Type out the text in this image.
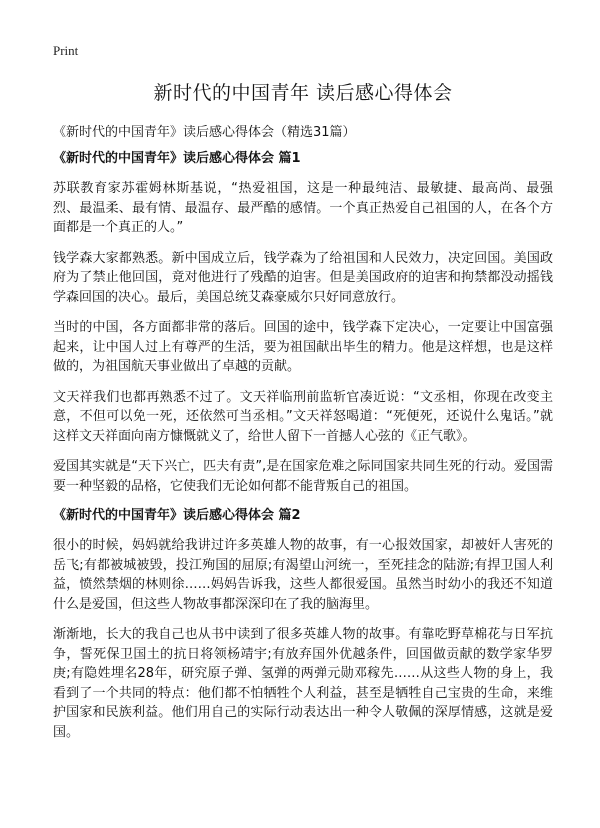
Print
新时代的中国青年 读后感心得体会

《新时代的中国青年》读后感心得体会（精选31篇）

《新时代的中国青年》读后感心得体会 篇1

苏联教育家苏霍姆林斯基说，“热爱祖国，这是一种最纯洁、最敏捷、最高尚、最强烈、最温柔、最有情、最温存、最严酷的感情。一个真正热爱自己祖国的人，在各个方面都是一个真正的人。”

钱学森大家都熟悉。新中国成立后，钱学森为了给祖国和人民效力，决定回国。美国政府为了禁止他回国，竟对他进行了残酷的迫害。但是美国政府的迫害和拘禁都没动摇钱学森回国的决心。最后，美国总统艾森豪威尔只好同意放行。

当时的中国，各方面都非常的落后。回国的途中，钱学森下定决心，一定要让中国富强起来，让中国人过上有尊严的生活，要为祖国献出毕生的精力。他是这样想，也是这样做的，为祖国航天事业做出了卓越的贡献。

文天祥我们也都再熟悉不过了。文天祥临刑前监斩官凑近说：“文丞相，你现在改变主意，不但可以免一死，还依然可当丞相。”文天祥怒喝道：“死便死，还说什么鬼话。”就这样文天祥面向南方慷慨就义了，给世人留下一首撼人心弦的《正气歌》。

爱国其实就是“天下兴亡，匹夫有责”,是在国家危难之际同国家共同生死的行动。爱国需要一种坚毅的品格，它使我们无论如何都不能背叛自己的祖国。

《新时代的中国青年》读后感心得体会 篇2

很小的时候，妈妈就给我讲过许多英雄人物的故事，有一心报效国家，却被奸人害死的岳飞;有都被城被毁，投江殉国的屈原;有渴望山河统一，至死挂念的陆游;有捍卫国人利益，愤然禁烟的林则徐……妈妈告诉我，这些人都很爱国。虽然当时幼小的我还不知道什么是爱国，但这些人物故事都深深印在了我的脑海里。

渐渐地，长大的我自己也从书中读到了很多英雄人物的故事。有靠吃野草棉花与日军抗争，誓死保卫国土的抗日将领杨靖宇;有放弃国外优越条件，回国做贡献的数学家华罗庚;有隐姓埋名28年，研究原子弹、氢弹的两弹元勋邓稼先……从这些人物的身上，我看到了一个共同的特点：他们都不怕牺牲个人利益，甚至是牺牲自己宝贵的生命，来维护国家和民族利益。他们用自己的实际行动表达出一种令人敬佩的深厚情感，这就是爱国。
